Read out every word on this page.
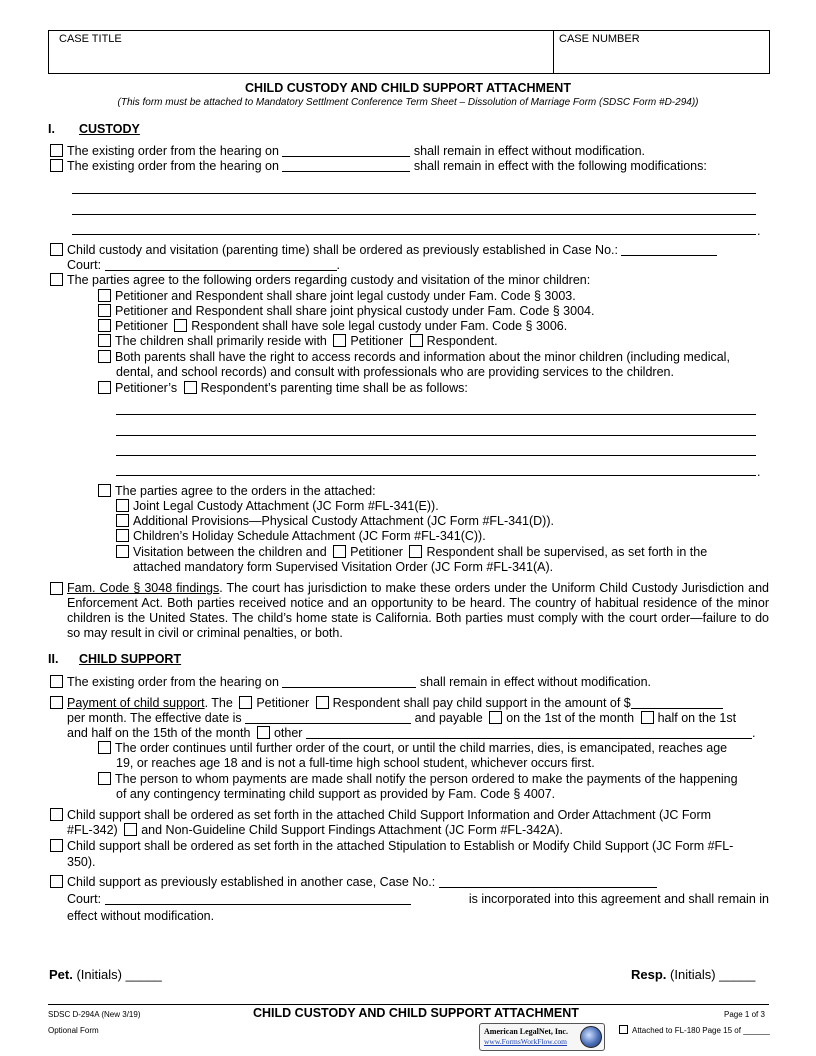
CASE TITLE	CASE NUMBER
CHILD CUSTODY AND CHILD SUPPORT ATTACHMENT
(This form must be attached to Mandatory Settlment Conference Term Sheet – Dissolution of Marriage Form (SDSC Form #D-294))
I. CUSTODY
The existing order from the hearing on	shall remain in effect without modification.
The existing order from the hearing on	shall remain in effect with the following modifications:
.
Child custody and visitation (parenting time) shall be ordered as previously established in Case No.:
Court:	.
The parties agree to the following orders regarding custody and visitation of the minor children:
Petitioner and Respondent shall share joint legal custody under Fam. Code § 3003.
Petitioner and Respondent shall share joint physical custody under Fam. Code § 3004.
Petitioner Respondent shall have sole legal custody under Fam. Code § 3006.
The children shall primarily reside with Petitioner Respondent.
Both parents shall have the right to access records and information about the minor children (including medical,
dental, and school records) and consult with professionals who are providing services to the children.
Petitioner’s Respondent’s parenting time shall be as follows:
.
The parties agree to the orders in the attached:
Joint Legal Custody Attachment (JC Form #FL-341(E)).
Additional Provisions—Physical Custody Attachment (JC Form #FL-341(D)).
Children’s Holiday Schedule Attachment (JC Form #FL-341(C)).
Visitation between the children and Petitioner Respondent shall be supervised, as set forth in the
attached mandatory form Supervised Visitation Order (JC Form #FL-341(A).
Fam. Code § 3048 findings. The court has jurisdiction to make these orders under the Uniform Child Custody Jurisdiction and Enforcement Act. Both parties received notice and an opportunity to be heard. The country of habitual residence of the minor children is the United States. The child’s home state is California. Both parties must comply with the court order—failure to do so may result in civil or criminal penalties, or both.
II. CHILD SUPPORT
The existing order from the hearing on	shall remain in effect without modification.
Payment of child support. The Petitioner Respondent shall pay child support in the amount of $
per month. The effective date is	and payable on the 1st of the month half on the 1st
and half on the 15th of the month other	.
The order continues until further order of the court, or until the child marries, dies, is emancipated, reaches age
19, or reaches age 18 and is not a full-time high school student, whichever occurs first.
The person to whom payments are made shall notify the person ordered to make the payments of the happening
of any contingency terminating child support as provided by Fam. Code § 4007.
Child support shall be ordered as set forth in the attached Child Support Information and Order Attachment (JC Form
#FL-342) and Non-Guideline Child Support Findings Attachment (JC Form #FL-342A).
Child support shall be ordered as set forth in the attached Stipulation to Establish or Modify Child Support (JC Form #FL-
350).
Child support as previously established in another case, Case No.:
Court:	is incorporated into this agreement and shall remain in
effect without modification.
Pet. (Initials) _____	Resp. (Initials) _____
SDSC D-294A (New 3/19)
Optional Form
CHILD CUSTODY AND CHILD SUPPORT ATTACHMENT	Page 1 of 3
American LegalNet, Inc.
www.FormsWorkFlow.com
Attached to FL-180 Page 15 of ______
